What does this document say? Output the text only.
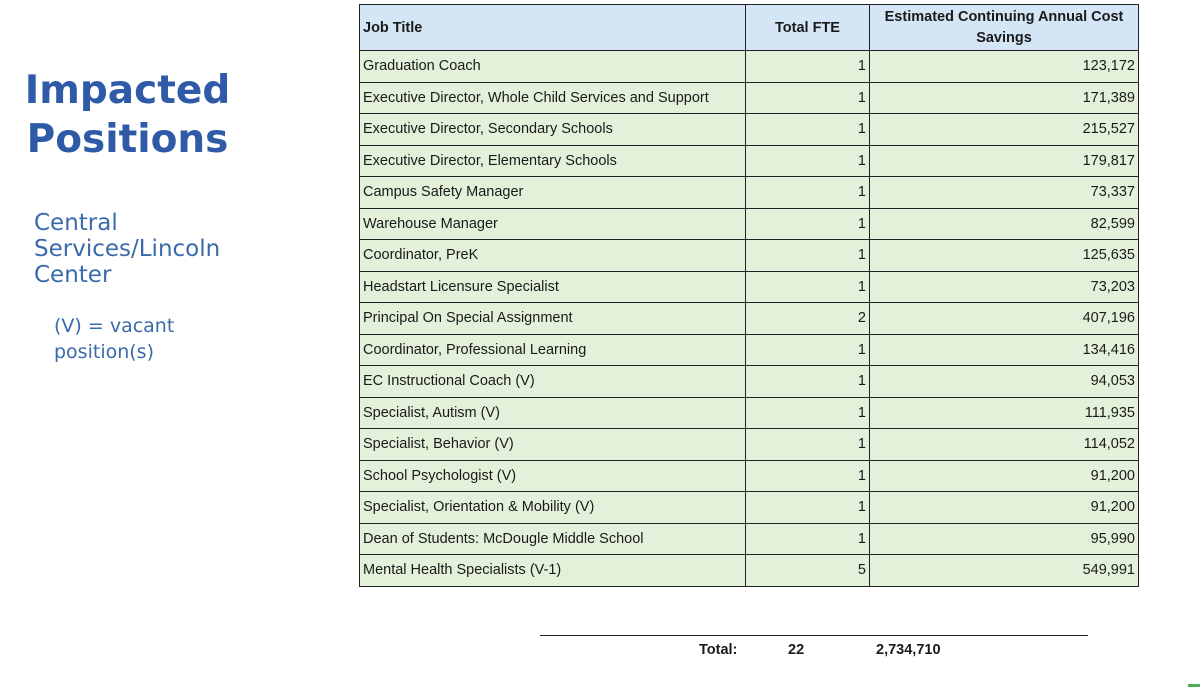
Impacted
Positions

Central
Services/Lincoln
Center

(V) = vacant
position(s)

Job Title	Total FTE	Estimated Continuing Annual Cost Savings
Graduation Coach	1	123,172
Executive Director, Whole Child Services and Support	1	171,389
Executive Director, Secondary Schools	1	215,527
Executive Director, Elementary Schools	1	179,817
Campus Safety Manager	1	73,337
Warehouse Manager	1	82,599
Coordinator, PreK	1	125,635
Headstart Licensure Specialist	1	73,203
Principal On Special Assignment	2	407,196
Coordinator, Professional Learning	1	134,416
EC Instructional Coach (V)	1	94,053
Specialist, Autism (V)	1	111,935
Specialist, Behavior (V)	1	114,052
School Psychologist (V)	1	91,200
Specialist, Orientation & Mobility (V)	1	91,200
Dean of Students: McDougle Middle School	1	95,990
Mental Health Specialists (V-1)	5	549,991
Total:	22	2,734,710
